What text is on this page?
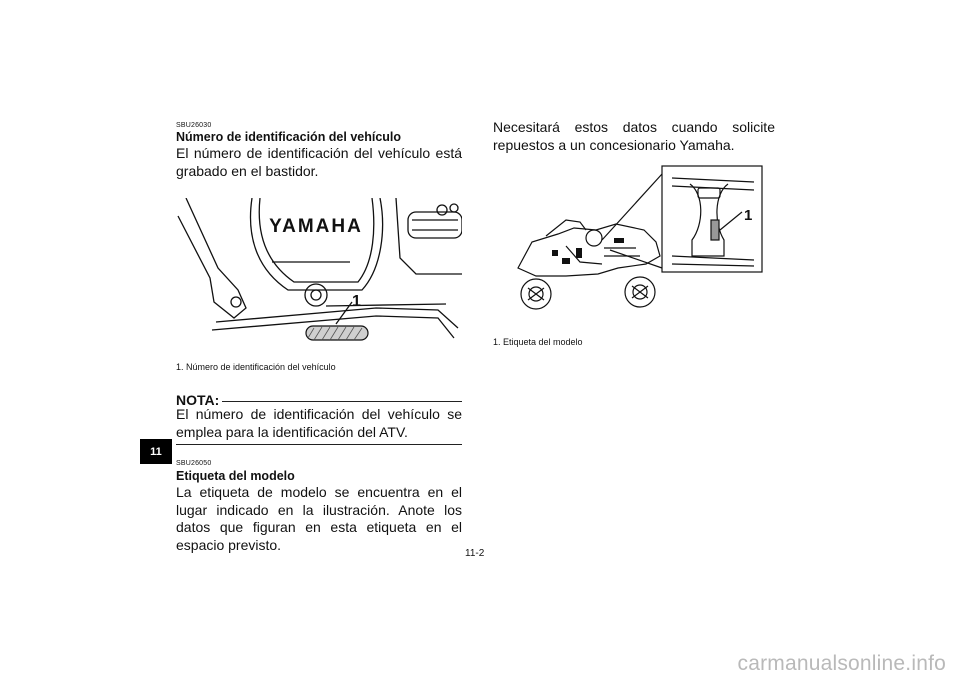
SBU26030
Número de identificación del vehículo
El número de identificación del vehículo está grabado en el bastidor.
YAMAHA
1
1. Número de identificación del vehículo
NOTA:
El número de identificación del vehículo se emplea para la identificación del ATV.
SBU26050
Etiqueta del modelo
La etiqueta de modelo se encuentra en el lugar indicado en la ilustración. Anote los datos que figuran en esta etiqueta en el espacio previsto.
Necesitará estos datos cuando solicite repuestos a un concesionario Yamaha.
1
1. Etiqueta del modelo
11
11-2
carmanualsonline.info
